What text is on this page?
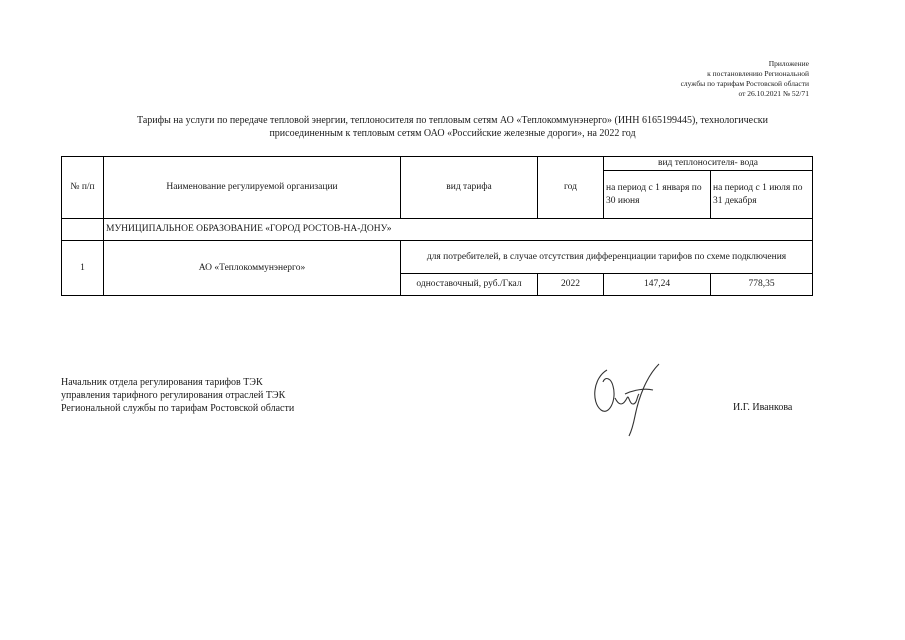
Приложение
к постановлению Региональной
службы по тарифам Ростовской области
от 26.10.2021 № 52/71
Тарифы на услуги по передаче тепловой энергии, теплоносителя по тепловым сетям АО «Теплокоммунэнерго» (ИНН 6165199445), технологически
присоединенным к тепловым сетям ОАО «Российские железные дороги», на 2022 год
№ п/п	Наименование регулируемой организации	вид тарифа	год	вид теплоносителя- вода	
				на период с 1 января по 30 июня	на период с 1 июля по 31 декабря
	МУНИЦИПАЛЬНОЕ ОБРАЗОВАНИЕ «ГОРОД РОСТОВ-НА-ДОНУ»				
1	АО «Теплокоммунэнерго»	для потребителей, в случае отсутствия дифференциации тарифов по схеме подключения			
		одноставочный, руб./Гкал	2022	147,24	778,35
Начальник отдела регулирования тарифов ТЭК
управления тарифного регулирования отраслей ТЭК
Региональной службы по тарифам Ростовской области	И.Г. Иванкова
